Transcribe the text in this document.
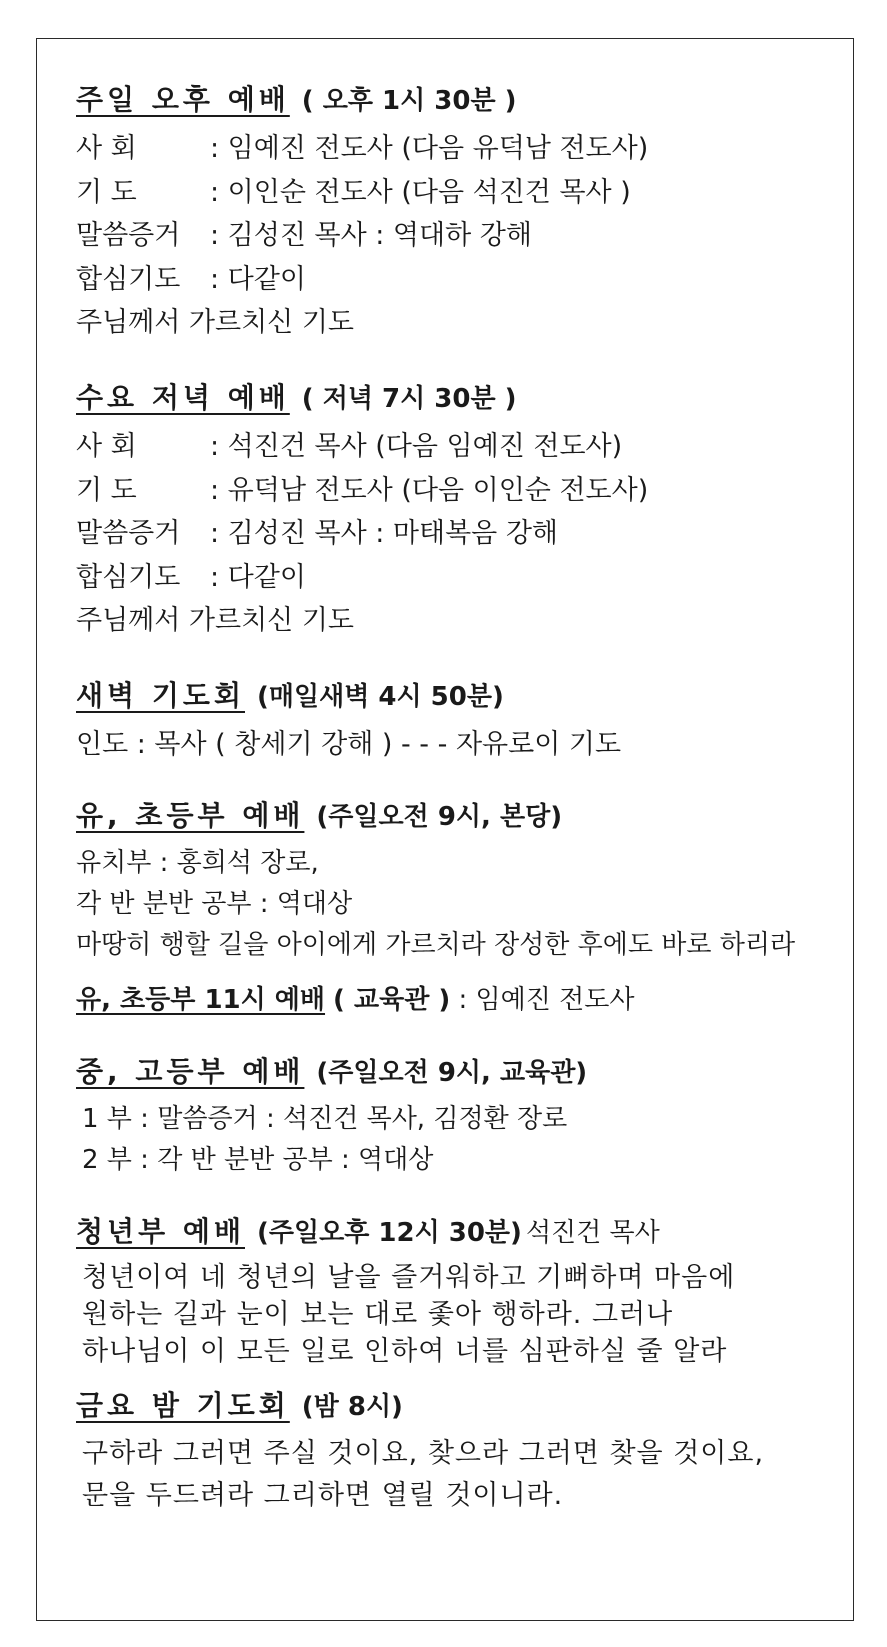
주일 오후 예배 ( 오후 1시 30분 )
사 회	: 임예진 전도사 (다음 유덕남 전도사)
기 도	: 이인순 전도사 (다음 석진건 목사 )
말씀증거 : 김성진 목사 : 역대하 강해
합심기도 : 다같이
주님께서 가르치신 기도
수요 저녁 예배 ( 저녁 7시 30분 )
사 회	: 석진건 목사 (다음 임예진 전도사)
기 도	: 유덕남 전도사 (다음 이인순 전도사)
말씀증거 : 김성진 목사 : 마태복음 강해
합심기도 : 다같이
주님께서 가르치신 기도
새벽 기도회 (매일새벽 4시 50분)
인도 : 목사 ( 창세기 강해 ) - - - 자유로이 기도
유, 초등부 예배 (주일오전 9시, 본당)
유치부 : 홍희석 장로,
각 반 분반 공부 : 역대상
마땅히 행할 길을 아이에게 가르치라 장성한 후에도 바로 하리라
유, 초등부 11시 예배 ( 교육관 ) : 임예진 전도사
중, 고등부 예배 (주일오전 9시, 교육관)
1 부 : 말씀증거 : 석진건 목사, 김정환 장로
2 부 : 각 반 분반 공부 : 역대상
청년부 예배 (주일오후 12시 30분) 석진건 목사
청년이여 네 청년의 날을 즐거워하고 기뻐하며 마음에
원하는 길과 눈이 보는 대로 좇아 행하라. 그러나
하나님이 이 모든 일로 인하여 너를 심판하실 줄 알라
금요 밤 기도회 (밤 8시)
구하라 그러면 주실 것이요, 찾으라 그러면 찾을 것이요,
문을 두드려라 그리하면 열릴 것이니라.
